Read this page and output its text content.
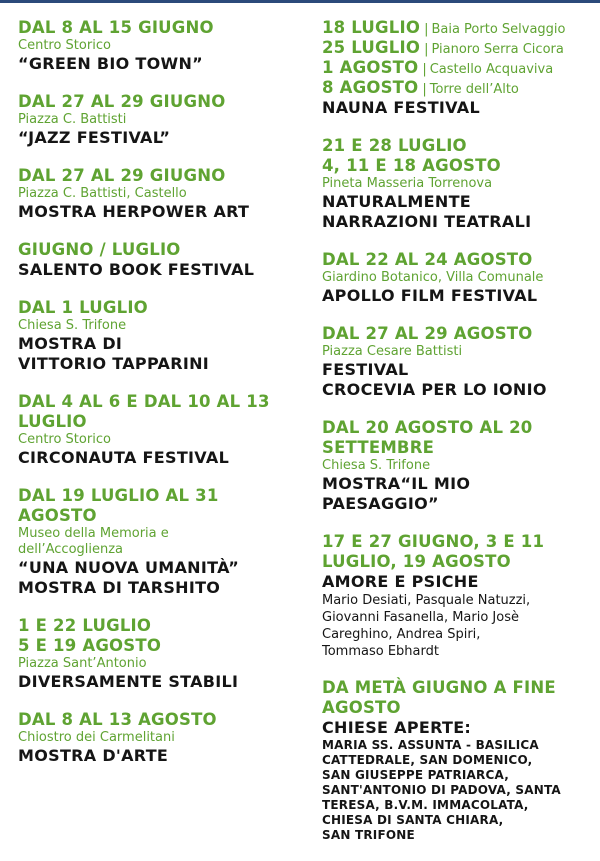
DAL 8 AL 15 GIUGNO
Centro Storico
“GREEN BIO TOWN”
DAL 27 AL 29 GIUGNO
Piazza C. Battisti
“JAZZ FESTIVAL”
DAL 27 AL 29 GIUGNO
Piazza C. Battisti, Castello
MOSTRA HERPOWER ART
GIUGNO / LUGLIO
SALENTO BOOK FESTIVAL
DAL 1 LUGLIO
Chiesa S. Trifone
MOSTRA DI
VITTORIO TAPPARINI
DAL 4 AL 6 E DAL 10 AL 13
LUGLIO
Centro Storico
CIRCONAUTA FESTIVAL
DAL 19 LUGLIO AL 31
AGOSTO
Museo della Memoria e
dell’Accoglienza
“UNA NUOVA UMANITÀ”
MOSTRA DI TARSHITO
1 E 22 LUGLIO
5 E 19 AGOSTO
Piazza Sant’Antonio
DIVERSAMENTE STABILI
DAL 8 AL 13 AGOSTO
Chiostro dei Carmelitani
MOSTRA D'ARTE
18 LUGLIO | Baia Porto Selvaggio
25 LUGLIO | Pianoro Serra Cicora
1 AGOSTO | Castello Acquaviva
8 AGOSTO | Torre dell’Alto
NAUNA FESTIVAL
21 E 28 LUGLIO
4, 11 E 18 AGOSTO
Pineta Masseria Torrenova
NATURALMENTE
NARRAZIONI TEATRALI
DAL 22 AL 24 AGOSTO
Giardino Botanico, Villa Comunale
APOLLO FILM FESTIVAL
DAL 27 AL 29 AGOSTO
Piazza Cesare Battisti
FESTIVAL
CROCEVIA PER LO IONIO
DAL 20 AGOSTO AL 20
SETTEMBRE
Chiesa S. Trifone
MOSTRA“IL MIO
PAESAGGIO”
17 E 27 GIUGNO, 3 E 11
LUGLIO, 19 AGOSTO
AMORE E PSICHE
Mario Desiati, Pasquale Natuzzi,
Giovanni Fasanella, Mario Josè
Careghino, Andrea Spiri,
Tommaso Ebhardt
DA METÀ GIUGNO A FINE
AGOSTO
CHIESE APERTE:
MARIA SS. ASSUNTA - BASILICA
CATTEDRALE, SAN DOMENICO,
SAN GIUSEPPE PATRIARCA,
SANT'ANTONIO DI PADOVA, SANTA
TERESA, B.V.M. IMMACOLATA,
CHIESA DI SANTA CHIARA,
SAN TRIFONE
